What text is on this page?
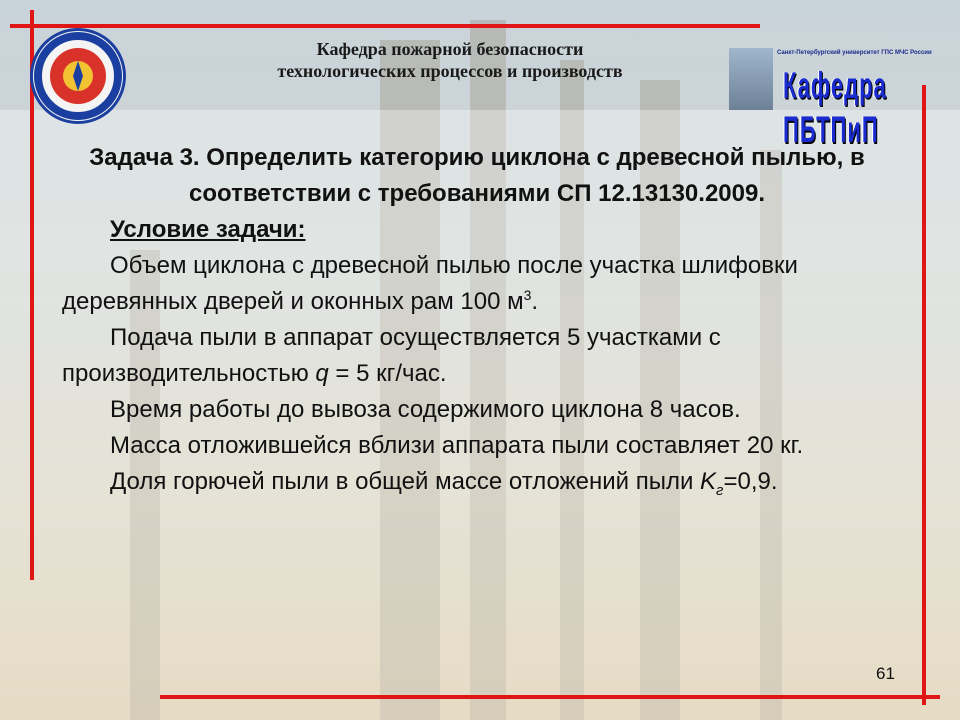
Кафедра пожарной безопасности
технологических процессов и производств
Санкт-Петербургский университет ГПС МЧС России
Кафедра ПБТПиП
Задача 3. Определить категорию циклона с древесной пылью, в соответствии с требованиями СП 12.13130.2009.
Условие задачи:
Объем циклона с древесной пылью после участка шлифовки деревянных дверей и оконных рам 100 $м^3$.
Подача пыли в аппарат осуществляется 5 участками с производительностью q = 5 кг/час.
Время работы до вывоза содержимого циклона 8 часов.
Масса отложившейся вблизи аппарата пыли составляет 20 кг.
Доля горючей пыли в общей массе отложений пыли $K_г=0,9$.
61
